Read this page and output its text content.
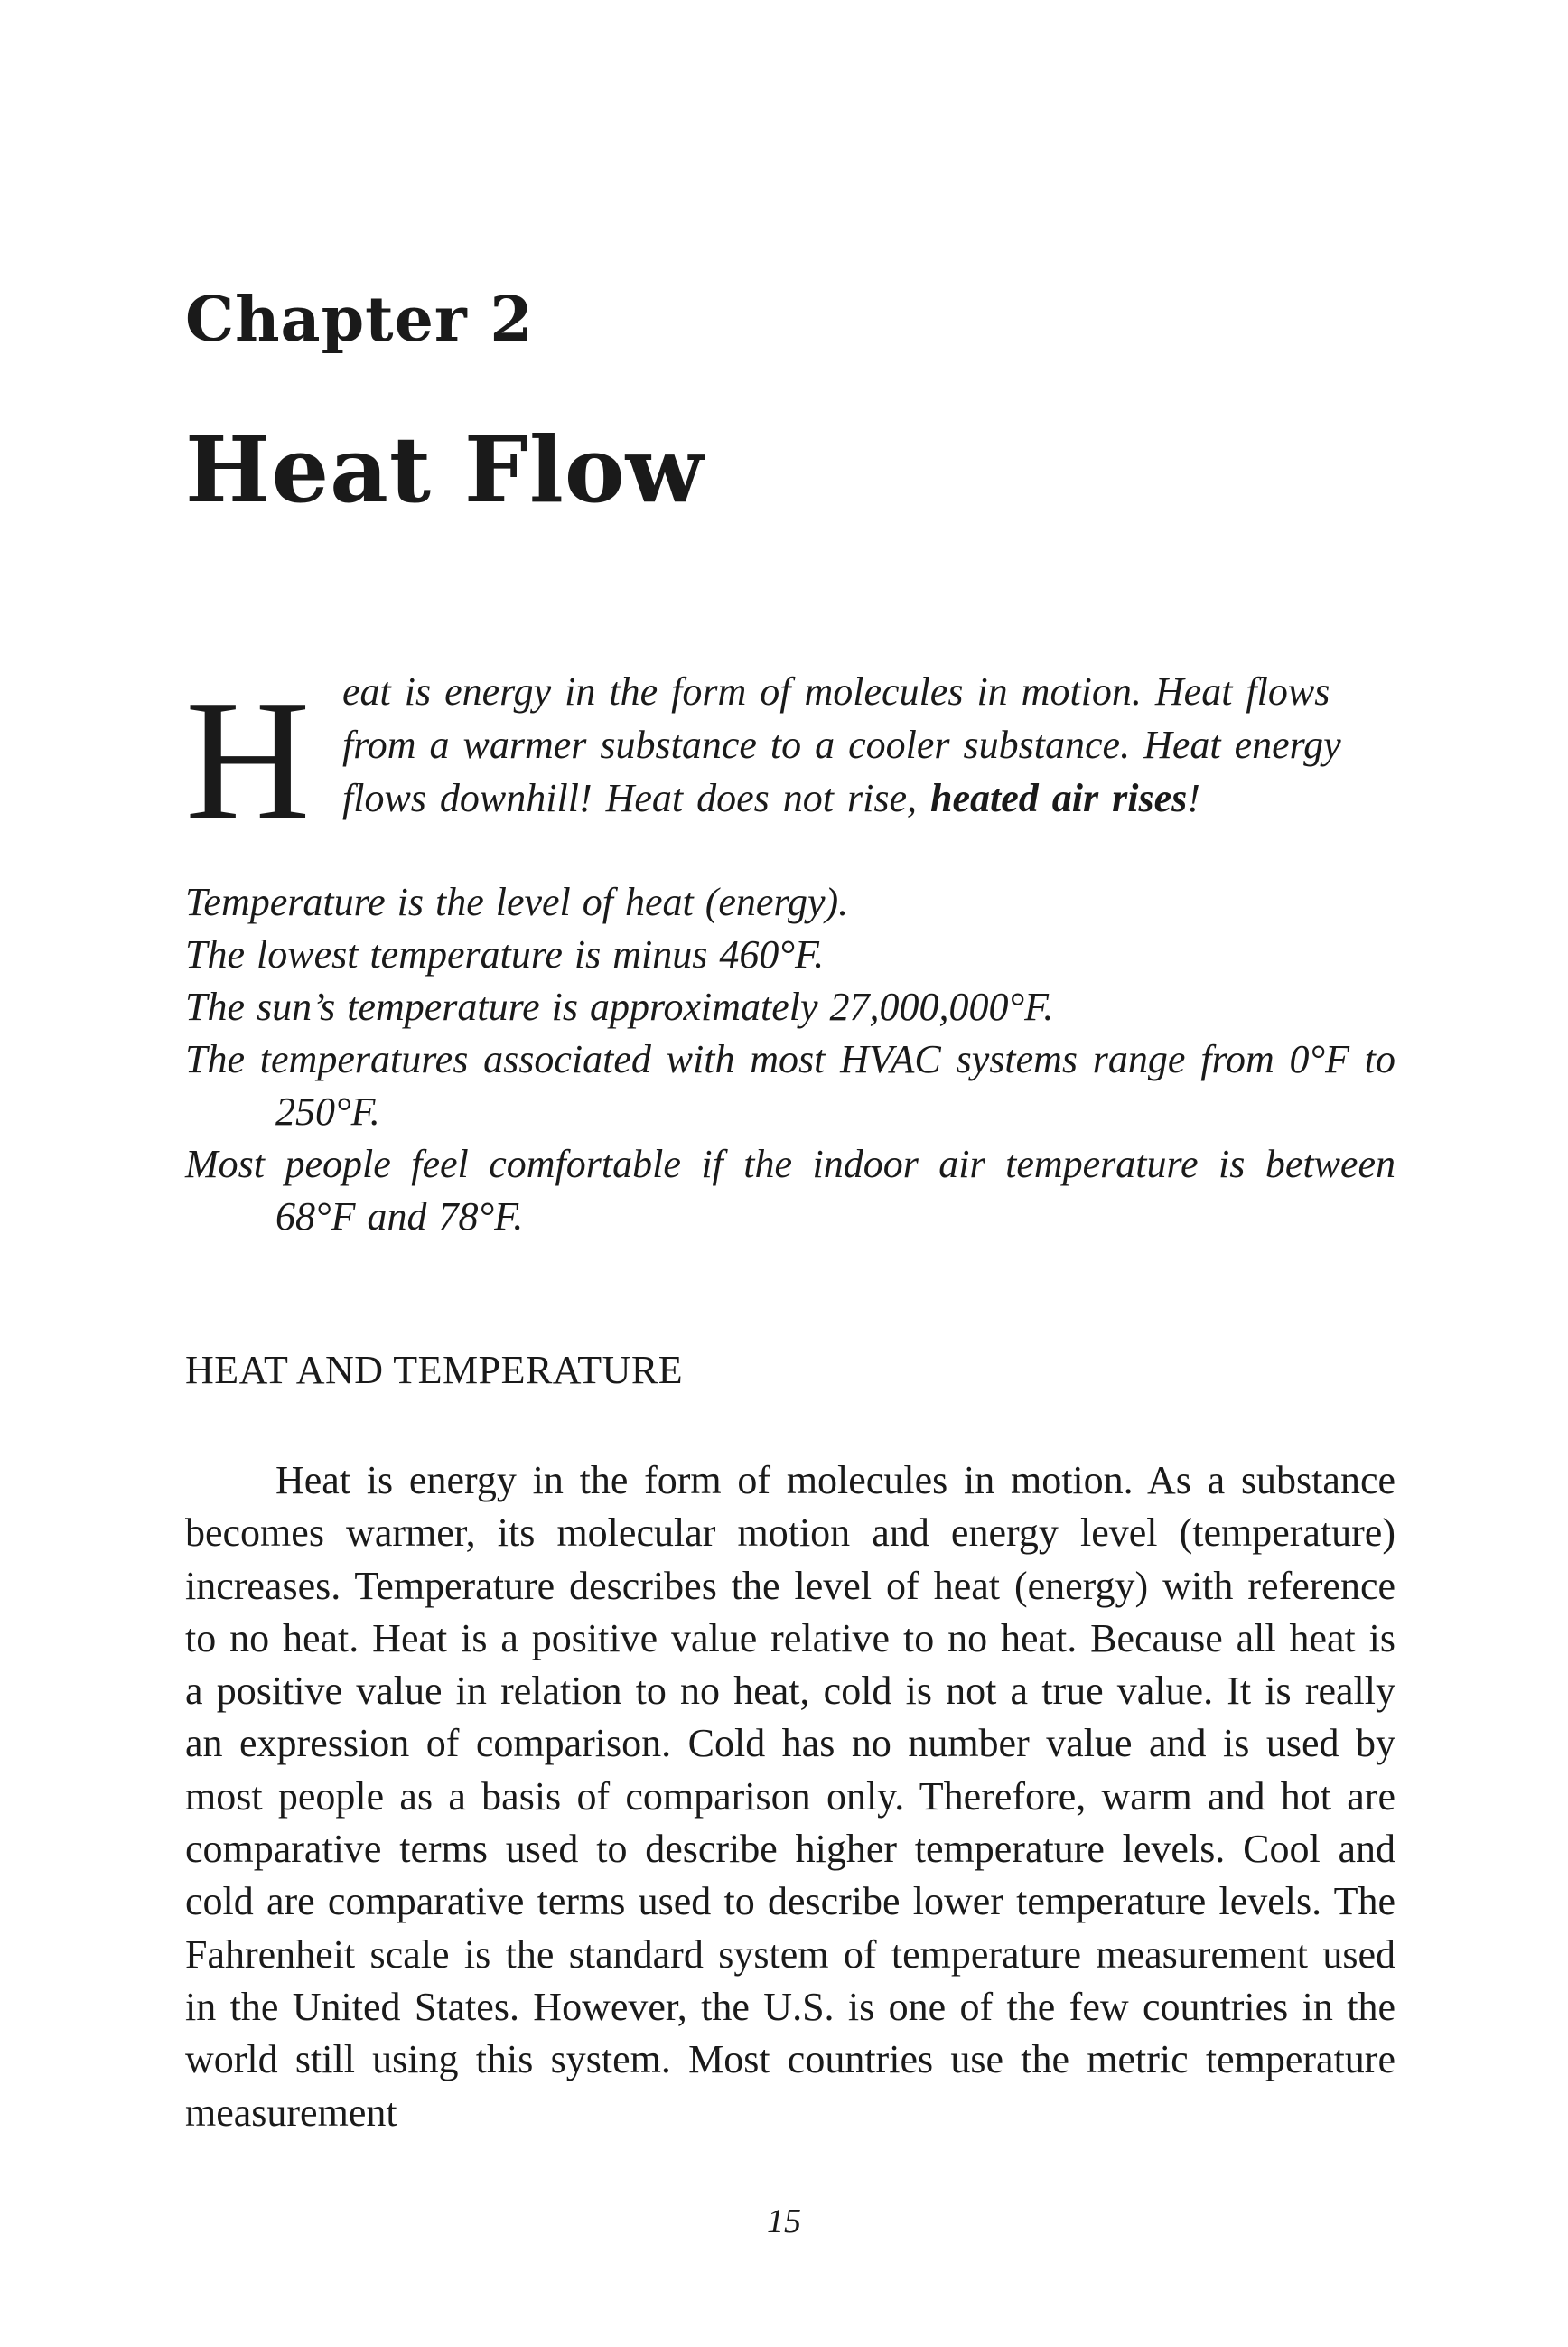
Chapter 2
Heat Flow
H eat is energy in the form of molecules in motion. Heat flows
from a warmer substance to a cooler substance. Heat energy
flows downhill! Heat does not rise, heated air rises!
Temperature is the level of heat (energy).
The lowest temperature is minus 460°F.
The sun’s temperature is approximately 27,000,000°F.
The temperatures associated with most HVAC systems range from 0°F to 250°F.
Most people feel comfortable if the indoor air temperature is between 68°F and 78°F.
HEAT AND TEMPERATURE
Heat is energy in the form of molecules in motion. As a substance becomes warmer, its molecular motion and energy level (temperature) increases. Temperature describes the level of heat (energy) with reference to no heat. Heat is a positive value relative to no heat. Because all heat is a positive value in relation to no heat, cold is not a true value. It is really an expression of comparison. Cold has no number value and is used by most people as a basis of comparison only. Therefore, warm and hot are comparative terms used to describe higher temperature levels. Cool and cold are comparative terms used to describe lower temperature levels. The Fahrenheit scale is the standard system of temperature measurement used in the United States. However, the U.S. is one of the few countries in the world still using this system. Most countries use the metric temperature measurement
15
